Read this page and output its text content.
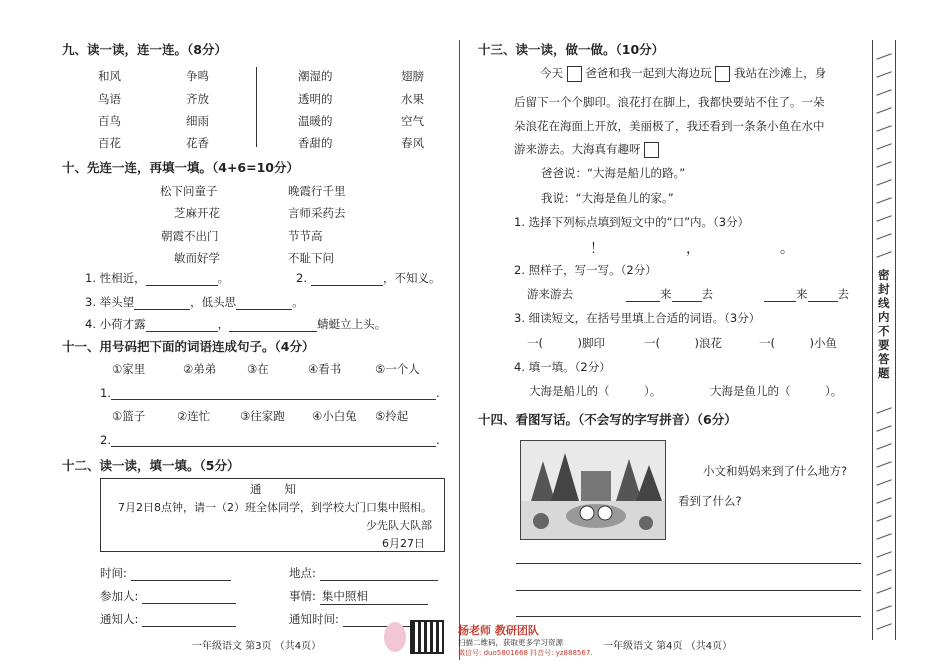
密封线内不要答题
九、读一读，连一连。（8分）
和风
鸟语
百鸟
百花
争鸣
齐放
细雨
花香
潮湿的
透明的
温暖的
香甜的
翅膀
水果
空气
春风
十、先连一连，再填一填。（4+6=10分）
松下问童子
芝麻开花
朝霞不出门
敏而好学
晚霞行千里
言师采药去
节节高
不耻下问
1. 性相近，	。	2.	，不知义。
3. 举头望	，低头思	。
4. 小荷才露	，	蜻蜓立上头。
十一、用号码把下面的词语连成句子。（4分）
①家里	②弟弟	③在	④看书	⑤一个人
1.	.
①篮子	②连忙	③往家跑 ④小白兔 ⑤拎起
2.	.
十二、读一读，填一填。（5分）
通　　知
7月2日8点钟，请一（2）班全体同学，到学校大门口集中照相。
少先队大队部
6月27日
时间:	地点:
参加人:	事情: 集中照相
通知人:	通知时间:
十三、读一读，做一做。（10分）
今天 爸爸和我一起到大海边玩 我站在沙滩上，身
后留下一个个脚印。浪花打在脚上，我都快要站不住了。一朵
朵浪花在海面上开放，美丽极了，我还看到一条条小鱼在水中
游来游去。大海真有趣呀
爸爸说：“大海是船儿的路。”
我说：“大海是鱼儿的家。”
1. 选择下列标点填到短文中的“口”内。（3分）
！	，	。
2. 照样子，写一写。（2分）
游来游去	来	去	来	去
3. 细读短文，在括号里填上合适的词语。（3分）
一(　　　)脚印	一(　　　)浪花	一(　　　)小鱼
4. 填一填。（2分）
大海是船儿的（　　　）。	大海是鱼儿的（　　　）。
十四、看图写话。（不会写的字写拼音）（6分）
小文和妈妈来到了什么地方?
看到了什么?
一年级语文 第3页 （共4页）	一年级语文 第4页 （共4页）
杨老师 教研团队
扫描二维码，获取更多学习资源
微信号: duo5801668 抖音号: yz888567.
